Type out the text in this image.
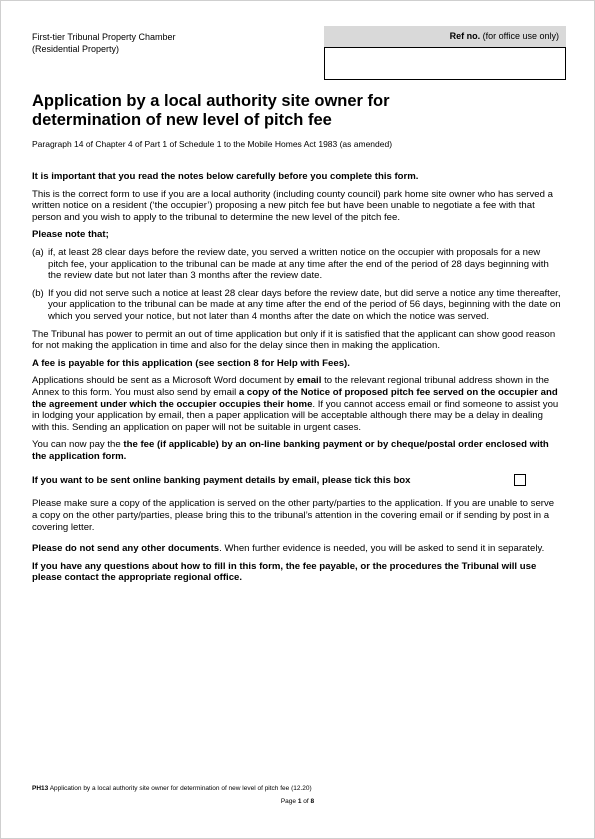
First-tier Tribunal Property Chamber
(Residential Property)
Ref no. (for office use only)
Application by a local authority site owner for determination of new level of pitch fee
Paragraph 14 of Chapter 4 of Part 1 of Schedule 1 to the Mobile Homes Act 1983 (as amended)

It is important that you read the notes below carefully before you complete this form.

This is the correct form to use if you are a local authority (including county council) park home site owner who has served a written notice on a resident (‘the occupier’) proposing a new pitch fee but have been unable to negotiate a fee with that person and you wish to apply to the tribunal to determine the new level of the pitch fee.

Please note that;

(a) if, at least 28 clear days before the review date, you served a written notice on the occupier with proposals for a new pitch fee, your application to the tribunal can be made at any time after the end of the period of 28 days beginning with the review date but not later than 3 months after the review date.
(b) If you did not serve such a notice at least 28 clear days before the review date, but did serve a notice any time thereafter, your application to the tribunal can be made at any time after the end of the period of 56 days, beginning with the date on which you served your notice, but not later than 4 months after the date on which the notice was served.

The Tribunal has power to permit an out of time application but only if it is satisfied that the applicant can show good reason for not making the application in time and also for the delay since then in making the application.

A fee is payable for this application (see section 8 for Help with Fees).

Applications should be sent as a Microsoft Word document by email to the relevant regional tribunal address shown in the Annex to this form. You must also send by email a copy of the Notice of proposed pitch fee served on the occupier and the agreement under which the occupier occupies their home. If you cannot access email or find someone to assist you in lodging your application by email, then a paper application will be acceptable although there may be a delay in dealing with this. Sending an application on paper will not be suitable in urgent cases.

You can now pay the the fee (if applicable) by an on-line banking payment or by cheque/postal order enclosed with the application form.

If you want to be sent online banking payment details by email, please tick this box

Please make sure a copy of the application is served on the other party/parties to the application. If you are unable to serve a copy on the other party/parties, please bring this to the tribunal’s attention in the covering email or if sending by post in a covering letter.

Please do not send any other documents. When further evidence is needed, you will be asked to send it in separately.

If you have any questions about how to fill in this form, the fee payable, or the procedures the Tribunal will use please contact the appropriate regional office.

PH13 Application by a local authority site owner for determination of new level of pitch fee (12.20)
Page 1 of 8
